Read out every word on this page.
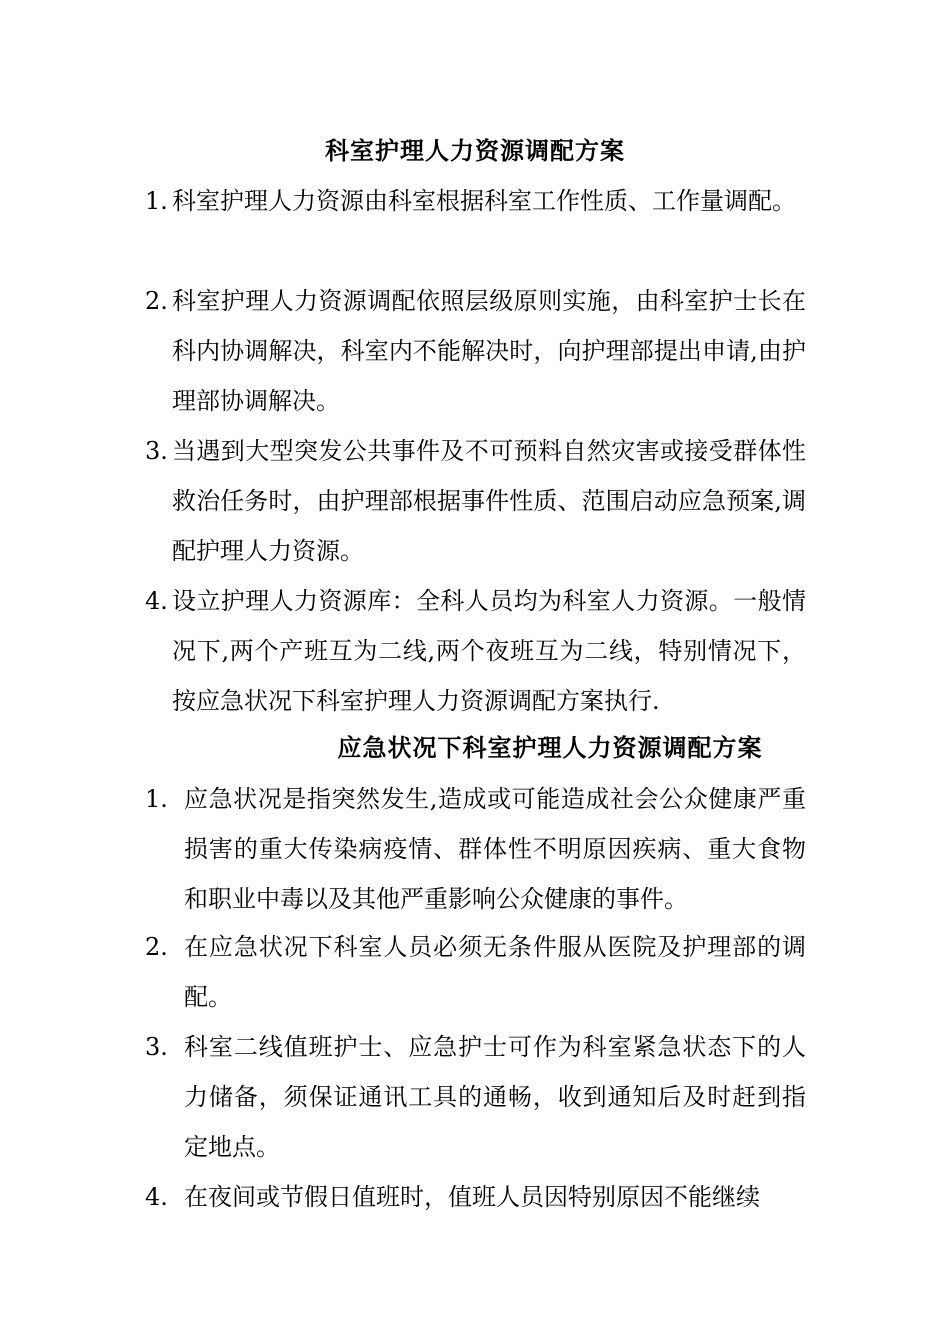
科室护理人力资源调配方案
1. 科室护理人力资源由科室根据科室工作性质、工作量调配。
2. 科室护理人力资源调配依照层级原则实施，由科室护士长在科内协调解决，科室内不能解决时，向护理部提出申请,由护理部协调解决。
3. 当遇到大型突发公共事件及不可预料自然灾害或接受群体性救治任务时，由护理部根据事件性质、范围启动应急预案,调配护理人力资源。
4. 设立护理人力资源库：全科人员均为科室人力资源。一般情况下,两个产班互为二线,两个夜班互为二线，特别情况下，按应急状况下科室护理人力资源调配方案执行.
应急状况下科室护理人力资源调配方案
1. 应急状况是指突然发生,造成或可能造成社会公众健康严重损害的重大传染病疫情、群体性不明原因疾病、重大食物和职业中毒以及其他严重影响公众健康的事件。
2. 在应急状况下科室人员必须无条件服从医院及护理部的调配。
3. 科室二线值班护士、应急护士可作为科室紧急状态下的人力储备，须保证通讯工具的通畅，收到通知后及时赶到指定地点。
4. 在夜间或节假日值班时，值班人员因特别原因不能继续
